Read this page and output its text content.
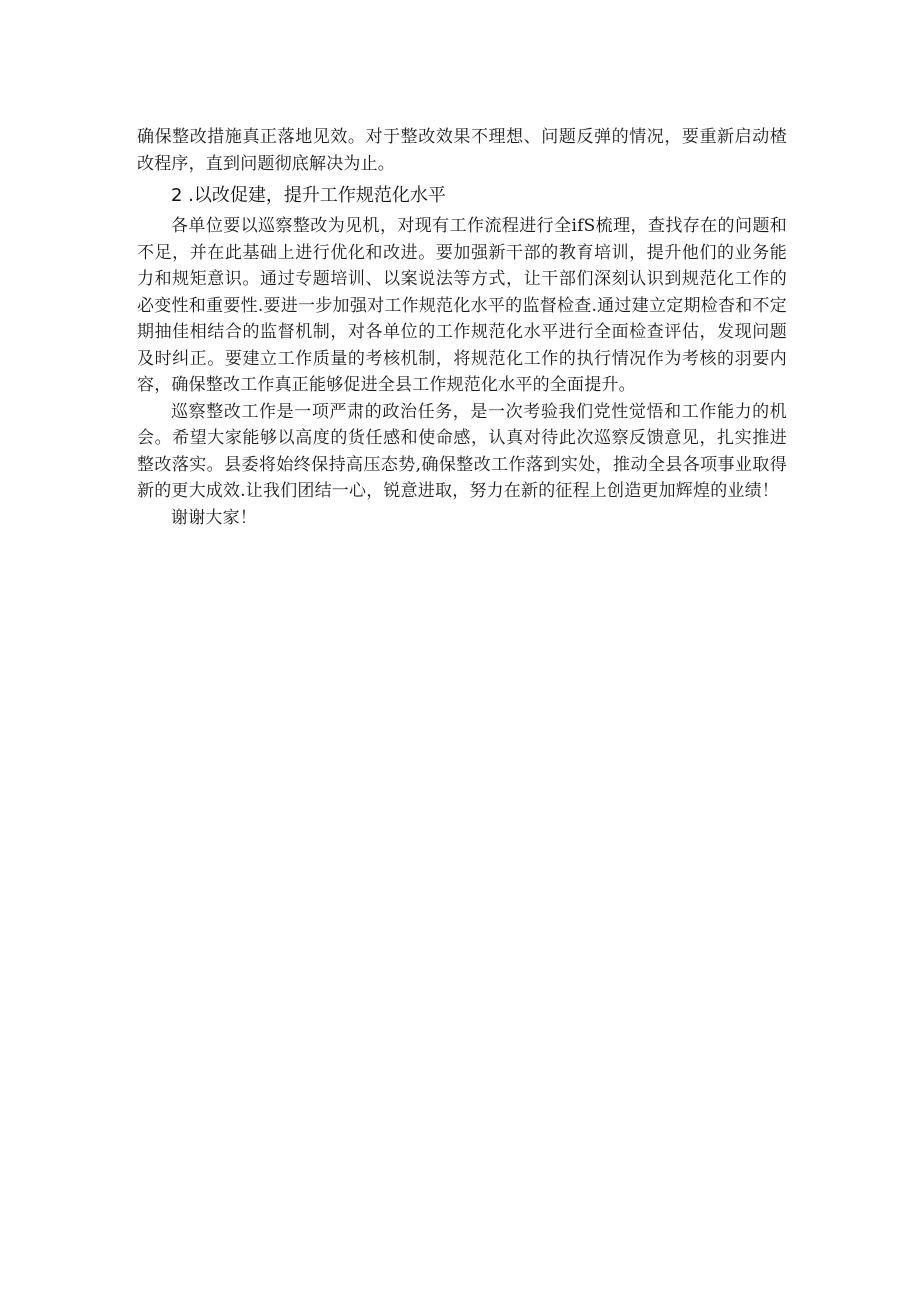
确保整改措施真正落地见效。对于整改效果不理想、问题反弹的情况，要重新启动楂改程序，直到问题彻底解决为止。

2 .以改促建，提升工作规范化水平

各单位要以巡察整改为见机，对现有工作流程进行全ifS梳理，查找存在的问题和不足，并在此基础上进行优化和改进。要加强新干部的教育培训，提升他们的业务能力和规矩意识。通过专题培训、以案说法等方式，让干部们深刻认识到规范化工作的必变性和重要性.要进一步加强对工作规范化水平的监督检查.通过建立定期检杳和不定期抽佳相结合的监督机制，对各单位的工作规范化水平进行全面检查评估，发现问题及时纠正。要建立工作质量的考核机制，将规范化工作的执行情况作为考核的羽要内容，确保整改工作真正能够促进全县工作规范化水平的全面提升。

巡察整改工作是一项严肃的政治任务，是一次考验我们党性觉悟和工作能力的机会。希望大家能够以高度的货任感和使命感，认真对待此次巡察反馈意见，扎实推进整改落实。县委将始终保持高压态势,确保整改工作落到实处，推动全县各项事业取得新的更大成效.让我们团结一心，锐意进取，努力在新的征程上创造更加辉煌的业绩！

谢谢大家！
